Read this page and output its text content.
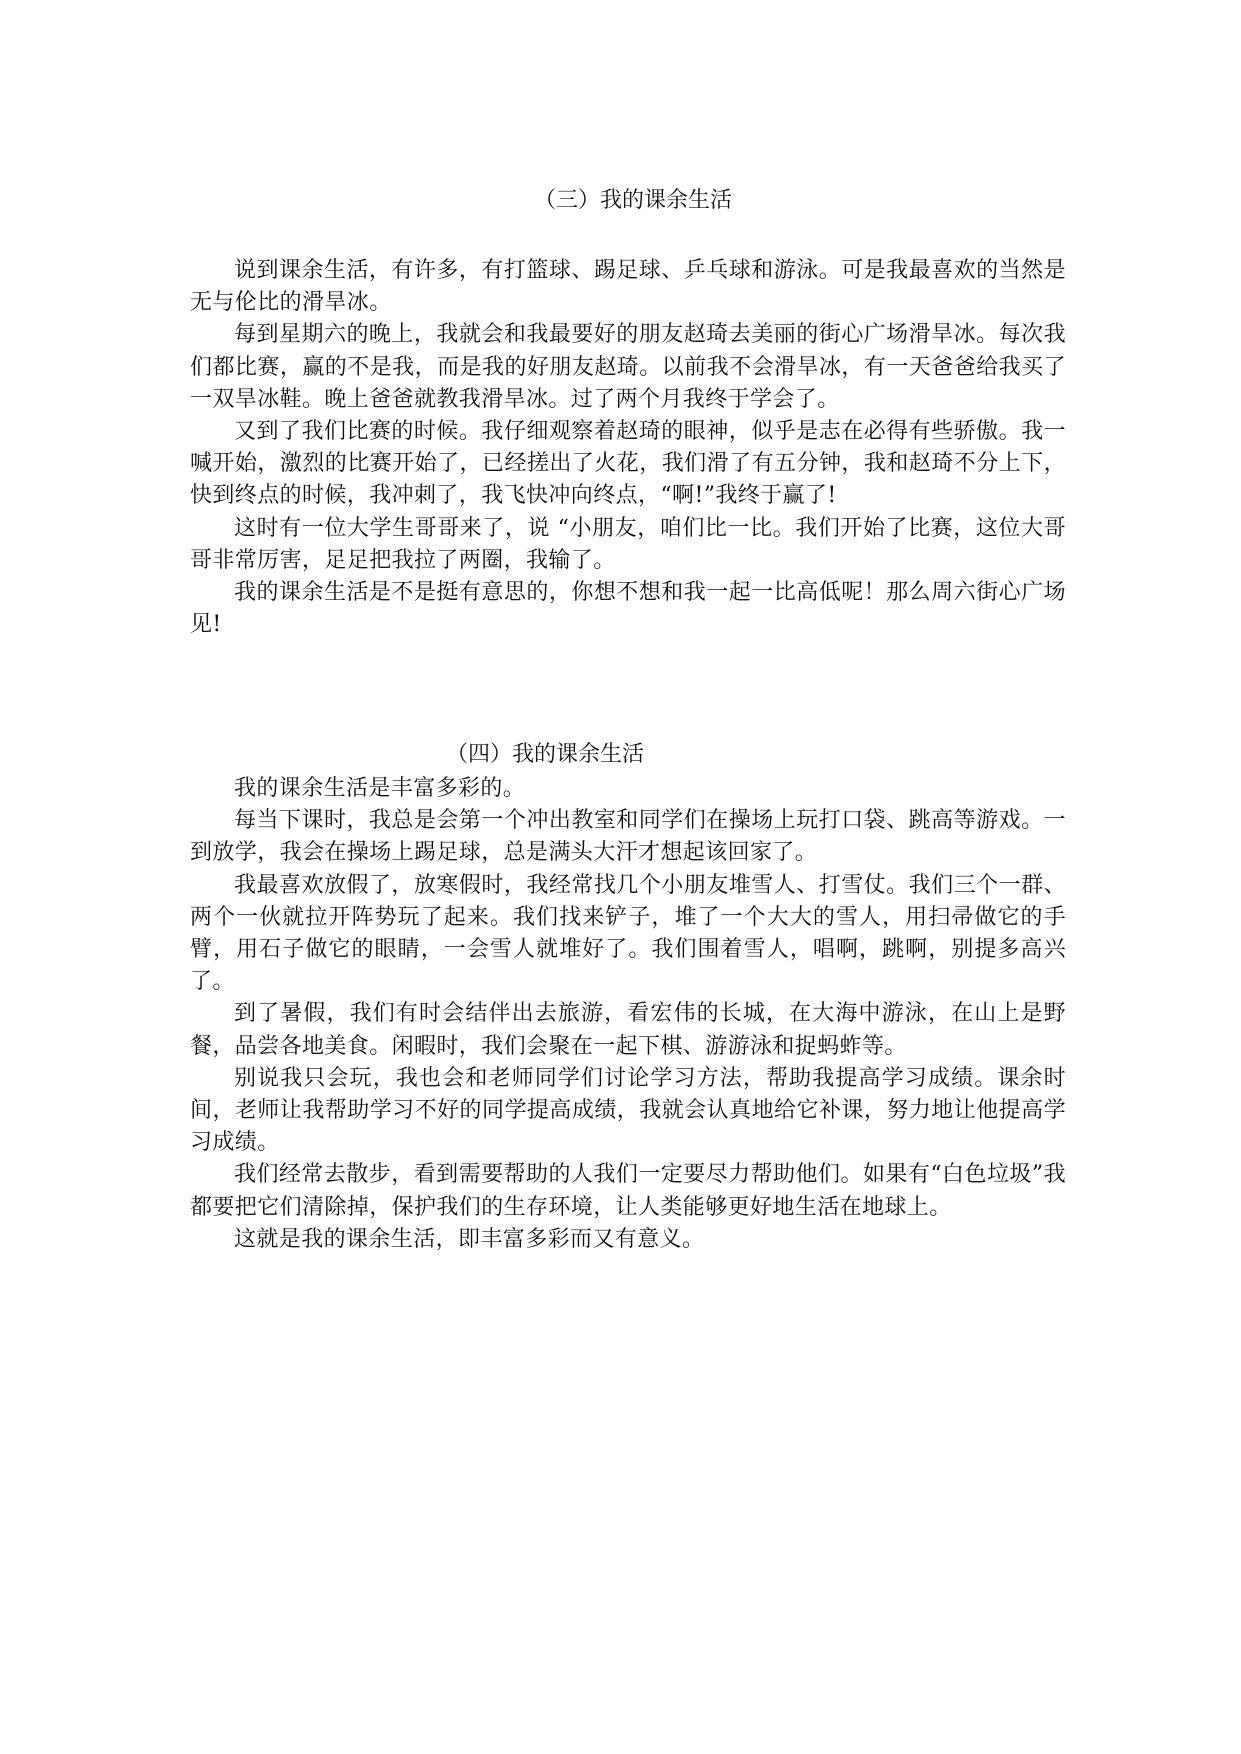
（三）我的课余生活

说到课余生活，有许多，有打篮球、踢足球、乒乓球和游泳。可是我最喜欢的当然是无与伦比的滑旱冰。

每到星期六的晚上，我就会和我最要好的朋友赵琦去美丽的街心广场滑旱冰。每次我们都比赛，赢的不是我，而是我的好朋友赵琦。以前我不会滑旱冰，有一天爸爸给我买了一双旱冰鞋。晚上爸爸就教我滑旱冰。过了两个月我终于学会了。

又到了我们比赛的时候。我仔细观察着赵琦的眼神，似乎是志在必得有些骄傲。我一喊开始，激烈的比赛开始了，已经搓出了火花，我们滑了有五分钟，我和赵琦不分上下，快到终点的时候，我冲刺了，我飞快冲向终点，“啊!”我终于赢了!

这时有一位大学生哥哥来了，说 “小朋友，咱们比一比。我们开始了比赛，这位大哥哥非常厉害，足足把我拉了两圈，我输了。

我的课余生活是不是挺有意思的，你想不想和我一起一比高低呢！那么周六街心广场见!

（四）我的课余生活

我的课余生活是丰富多彩的。

每当下课时，我总是会第一个冲出教室和同学们在操场上玩打口袋、跳高等游戏。一到放学，我会在操场上踢足球，总是满头大汗才想起该回家了。

我最喜欢放假了，放寒假时，我经常找几个小朋友堆雪人、打雪仗。我们三个一群、两个一伙就拉开阵势玩了起来。我们找来铲子，堆了一个大大的雪人，用扫帚做它的手臂，用石子做它的眼睛，一会雪人就堆好了。我们围着雪人，唱啊，跳啊，别提多高兴了。

到了暑假，我们有时会结伴出去旅游，看宏伟的长城，在大海中游泳，在山上是野餐，品尝各地美食。闲暇时，我们会聚在一起下棋、游游泳和捉蚂蚱等。

别说我只会玩，我也会和老师同学们讨论学习方法，帮助我提高学习成绩。课余时间，老师让我帮助学习不好的同学提高成绩，我就会认真地给它补课，努力地让他提高学习成绩。

我们经常去散步，看到需要帮助的人我们一定要尽力帮助他们。如果有“白色垃圾”我都要把它们清除掉，保护我们的生存环境，让人类能够更好地生活在地球上。

这就是我的课余生活，即丰富多彩而又有意义。
